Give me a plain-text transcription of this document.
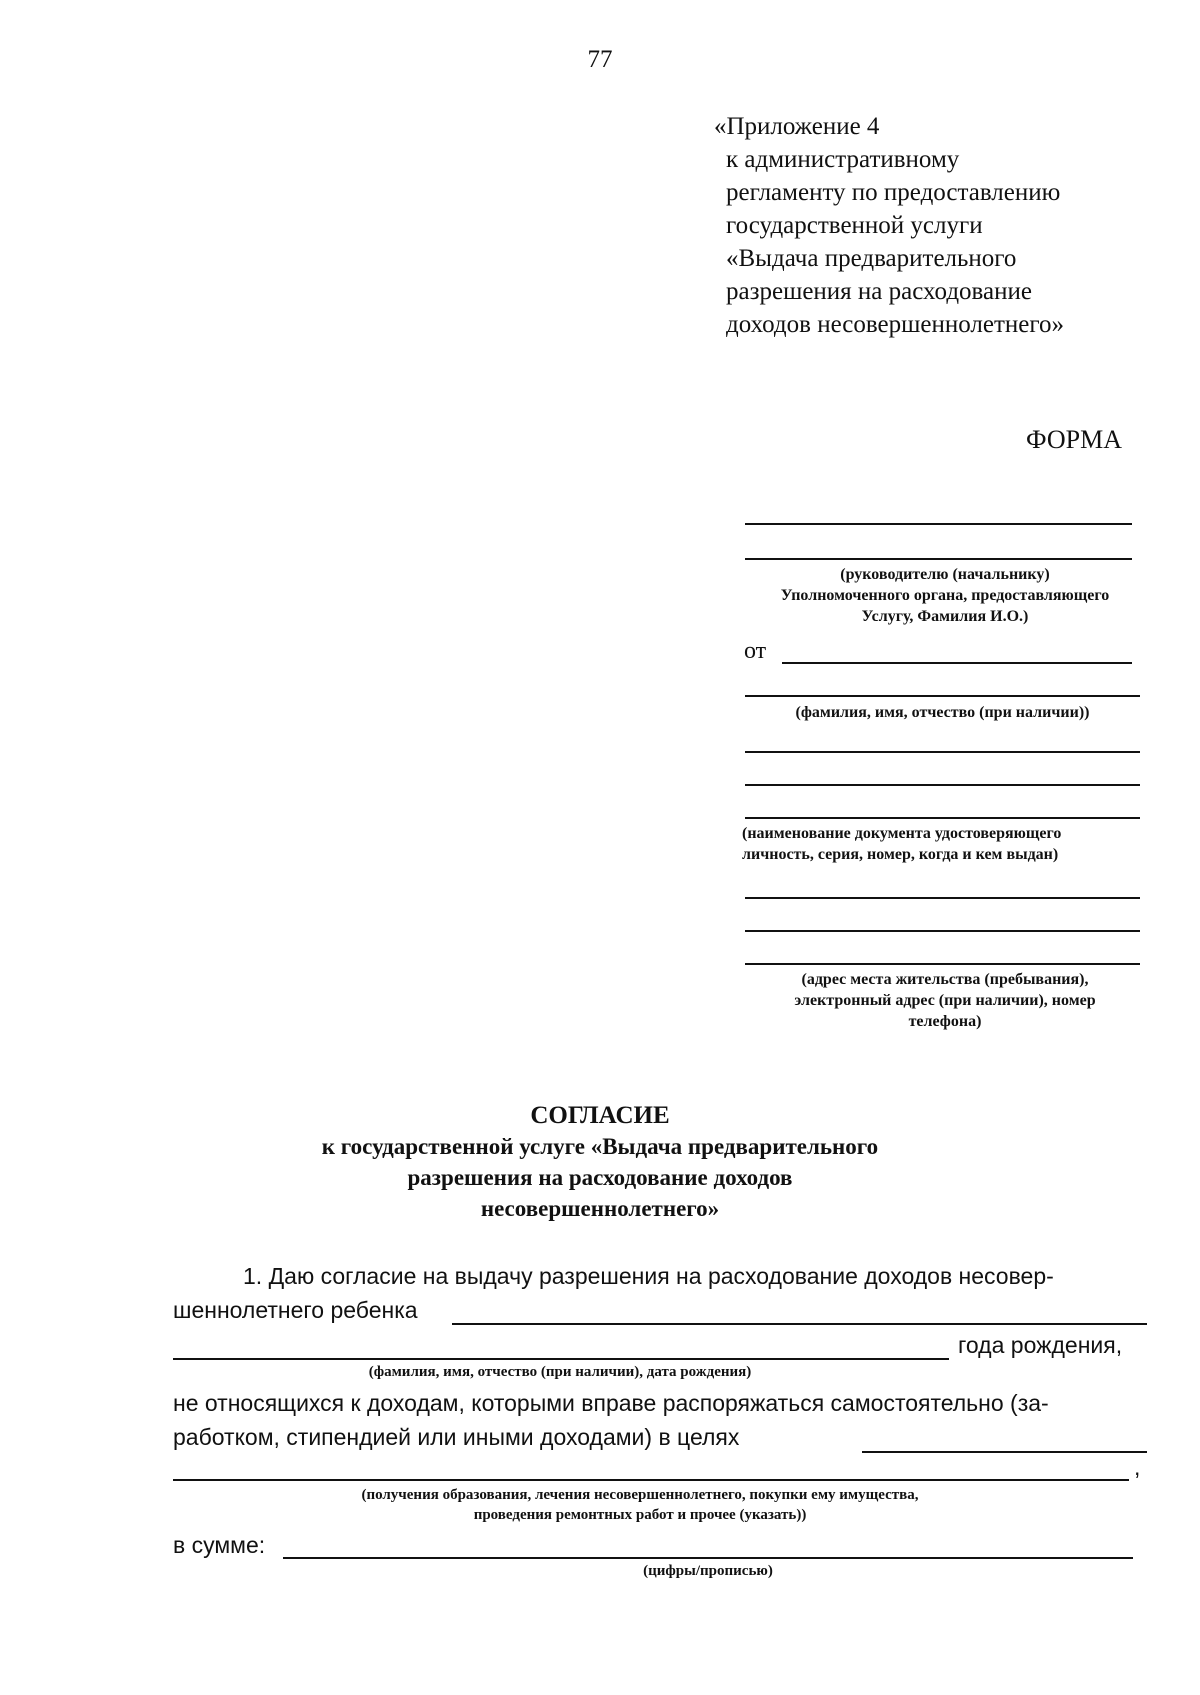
77
«Приложение 4
к административному
регламенту по предоставлению
государственной услуги
«Выдача предварительного
разрешения на расходование
доходов несовершеннолетнего»
ФОРМА
(руководителю (начальнику)
Уполномоченного органа, предоставляющего
Услугу, Фамилия И.О.)
от
(фамилия, имя, отчество (при наличии))
(наименование документа удостоверяющего
личность, серия, номер, когда и кем выдан)
(адрес места жительства (пребывания),
электронный адрес (при наличии), номер
телефона)
СОГЛАСИЕ
к государственной услуге «Выдача предварительного
разрешения на расходование доходов
несовершеннолетнего»
1. Даю согласие на выдачу разрешения на расходование доходов несовер-
шеннолетнего ребенка
года рождения,
(фамилия, имя, отчество (при наличии), дата рождения)
не относящихся к доходам, которыми вправе распоряжаться самостоятельно (за-
работком, стипендией или иными доходами) в целях
,
(получения образования, лечения несовершеннолетнего, покупки ему имущества,
проведения ремонтных работ и прочее (указать))
в сумме:
(цифры/прописью)
